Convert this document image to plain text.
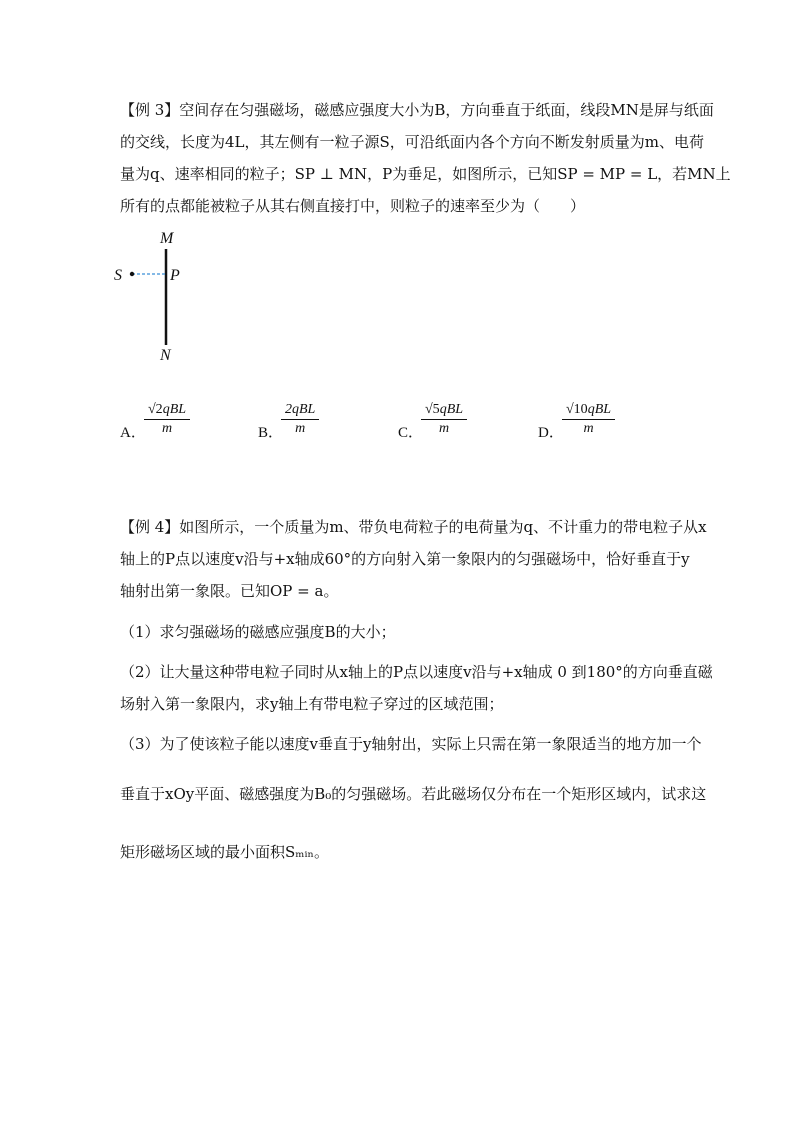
【例 3】空间存在匀强磁场，磁感应强度大小为B，方向垂直于纸面，线段MN是屏与纸面
的交线，长度为4L，其左侧有一粒子源S，可沿纸面内各个方向不断发射质量为m、电荷
量为q、速率相同的粒子；SP ⊥ MN，P为垂足，如图所示，已知SP = MP = L，若MN上
所有的点都能被粒子从其右侧直接打中，则粒子的速率至少为（　　）
M
S	P
N
A．
√2qBL
m	B．
2qBL
m	C．
√5qBL
m	D．
√10qBL
m
【例 4】如图所示，一个质量为m、带负电荷粒子的电荷量为q、不计重力的带电粒子从x
轴上的P点以速度v沿与+x轴成60°的方向射入第一象限内的匀强磁场中，恰好垂直于y
轴射出第一象限。已知OP = a。
（1）求匀强磁场的磁感应强度B的大小；
（2）让大量这种带电粒子同时从x轴上的P点以速度v沿与+x轴成 0 到180°的方向垂直磁
场射入第一象限内，求y轴上有带电粒子穿过的区域范围；
（3）为了使该粒子能以速度v垂直于y轴射出，实际上只需在第一象限适当的地方加一个
垂直于xOy平面、磁感强度为B₀的匀强磁场。若此磁场仅分布在一个矩形区域内，试求这
矩形磁场区域的最小面积Sₘᵢₙ。
